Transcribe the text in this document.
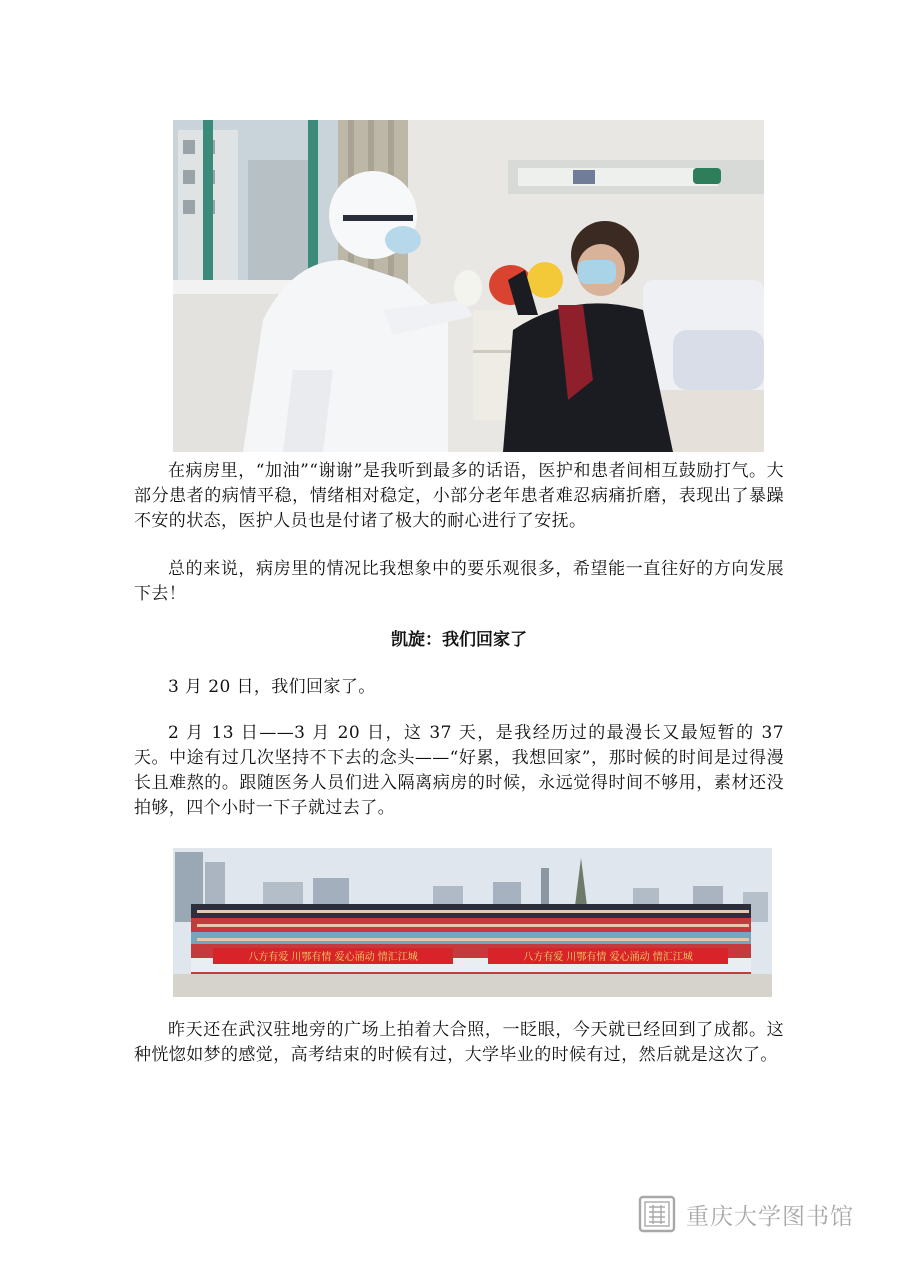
在病房里，“加油”“谢谢”是我听到最多的话语，医护和患者间相互鼓励打气。大部分患者的病情平稳，情绪相对稳定，小部分老年患者难忍病痛折磨，表现出了暴躁不安的状态，医护人员也是付诸了极大的耐心进行了安抚。

总的来说，病房里的情况比我想象中的要乐观很多，希望能一直往好的方向发展下去！

凯旋：我们回家了

3 月 20 日，我们回家了。

2 月 13 日——3 月 20 日，这 37 天，是我经历过的最漫长又最短暂的 37 天。中途有过几次坚持不下去的念头——“好累，我想回家”，那时候的时间是过得漫长且难熬的。跟随医务人员们进入隔离病房的时候，永远觉得时间不够用，素材还没拍够，四个小时一下子就过去了。

八方有爱 川鄂有情 爱心涌动 情汇江城	八方有爱 川鄂有情 爱心涌动 情汇江城

昨天还在武汉驻地旁的广场上拍着大合照，一眨眼，今天就已经回到了成都。这种恍惚如梦的感觉，高考结束的时候有过，大学毕业的时候有过，然后就是这次了。

重庆大学图书馆
